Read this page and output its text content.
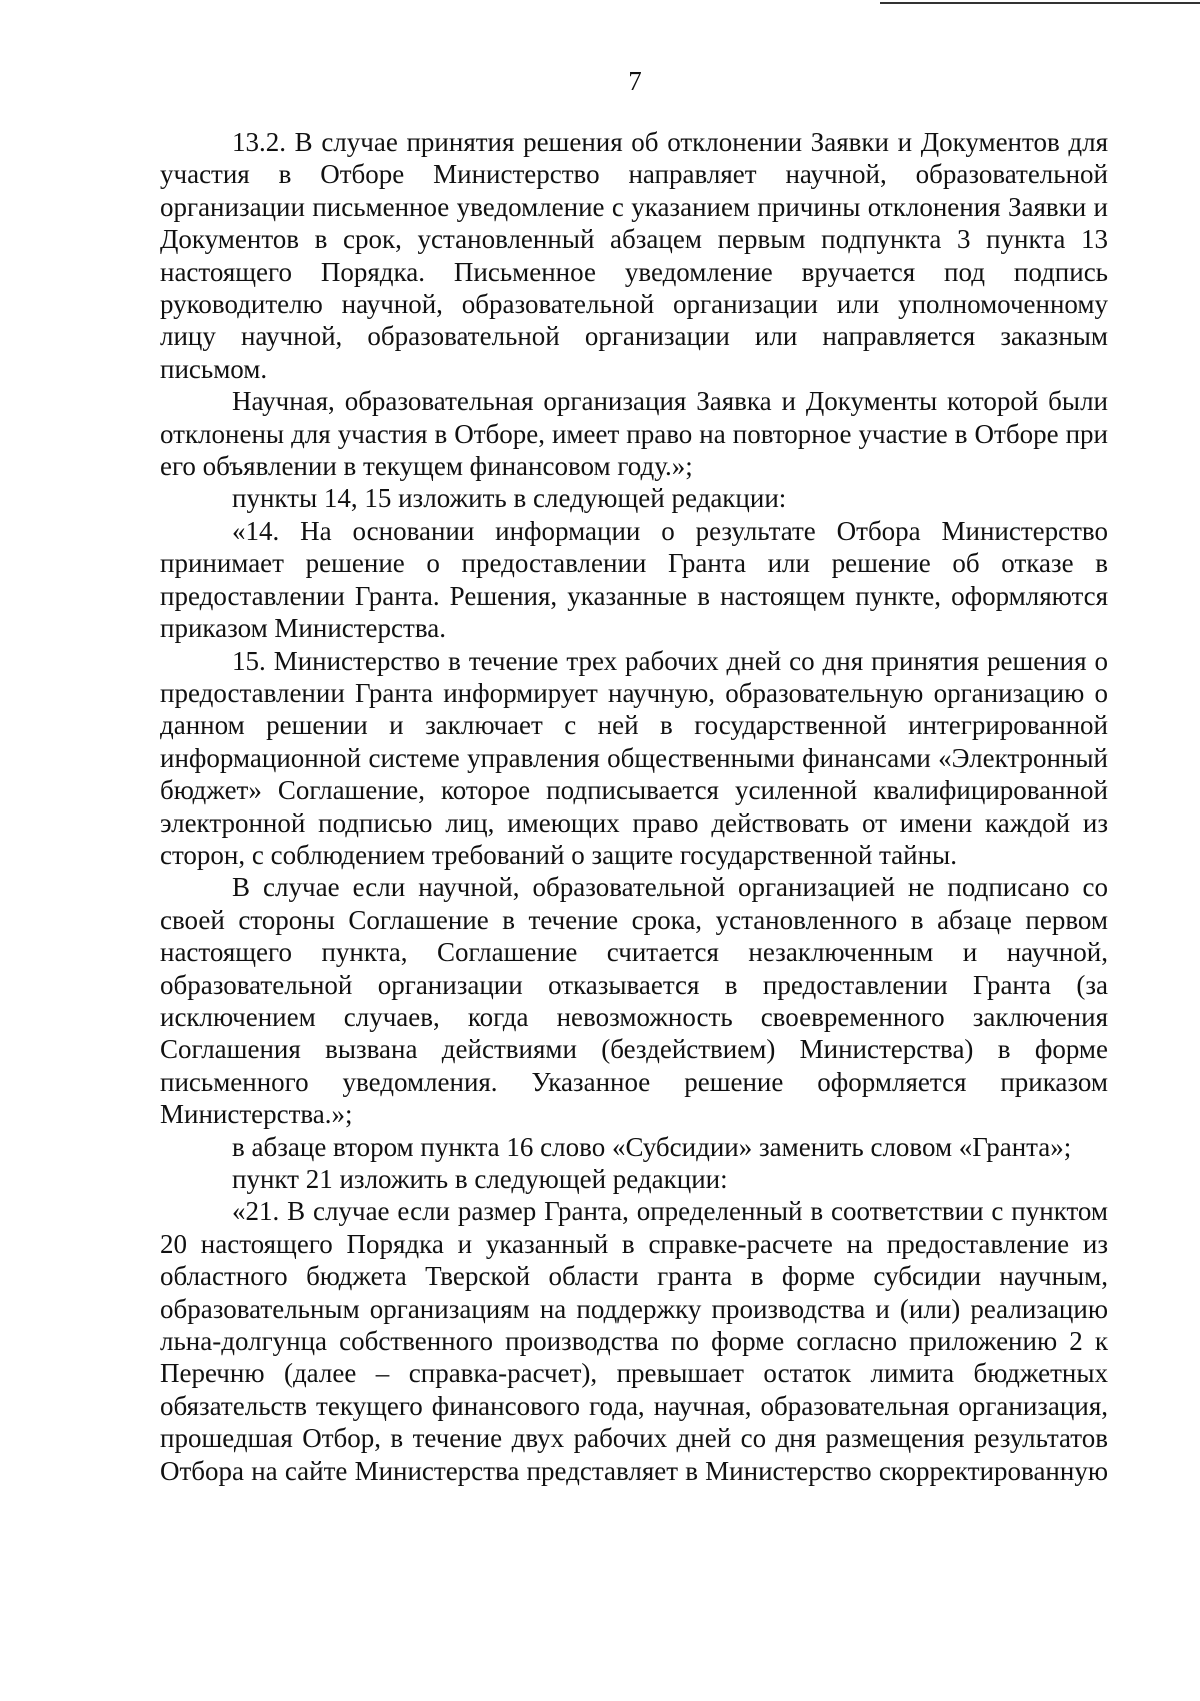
7

13.2. В случае принятия решения об отклонении Заявки и Документов для участия в Отборе Министерство направляет научной, образовательной организации письменное уведомление с указанием причины отклонения Заявки и Документов в срок, установленный абзацем первым подпункта 3 пункта 13 настоящего Порядка. Письменное уведомление вручается под подпись руководителю научной, образовательной организации или уполномоченному лицу научной, образовательной организации или направляется заказным письмом.

Научная, образовательная организация Заявка и Документы которой были отклонены для участия в Отборе, имеет право на повторное участие в Отборе при его объявлении в текущем финансовом году.»;

пункты 14, 15 изложить в следующей редакции:

«14. На основании информации о результате Отбора Министерство принимает решение о предоставлении Гранта или решение об отказе в предоставлении Гранта. Решения, указанные в настоящем пункте, оформляются приказом Министерства.

15. Министерство в течение трех рабочих дней со дня принятия решения о предоставлении Гранта информирует научную, образовательную организацию о данном решении и заключает с ней в государственной интегрированной информационной системе управления общественными финансами «Электронный бюджет» Соглашение, которое подписывается усиленной квалифицированной электронной подписью лиц, имеющих право действовать от имени каждой из сторон, с соблюдением требований о защите государственной тайны.

В случае если научной, образовательной организацией не подписано со своей стороны Соглашение в течение срока, установленного в абзаце первом настоящего пункта, Соглашение считается незаключенным и научной, образовательной организации отказывается в предоставлении Гранта (за исключением случаев, когда невозможность своевременного заключения Соглашения вызвана действиями (бездействием) Министерства) в форме письменного уведомления. Указанное решение оформляется приказом Министерства.»;

в абзаце втором пункта 16 слово «Субсидии» заменить словом «Гранта»;

пункт 21 изложить в следующей редакции:

«21. В случае если размер Гранта, определенный в соответствии с пунктом 20 настоящего Порядка и указанный в справке-расчете на предоставление из областного бюджета Тверской области гранта в форме субсидии научным, образовательным организациям на поддержку производства и (или) реализацию льна-долгунца собственного производства по форме согласно приложению 2 к Перечню (далее – справка-расчет), превышает остаток лимита бюджетных обязательств текущего финансового года, научная, образовательная организация, прошедшая Отбор, в течение двух рабочих дней со дня размещения результатов Отбора на сайте Министерства представляет в Министерство скорректированную
